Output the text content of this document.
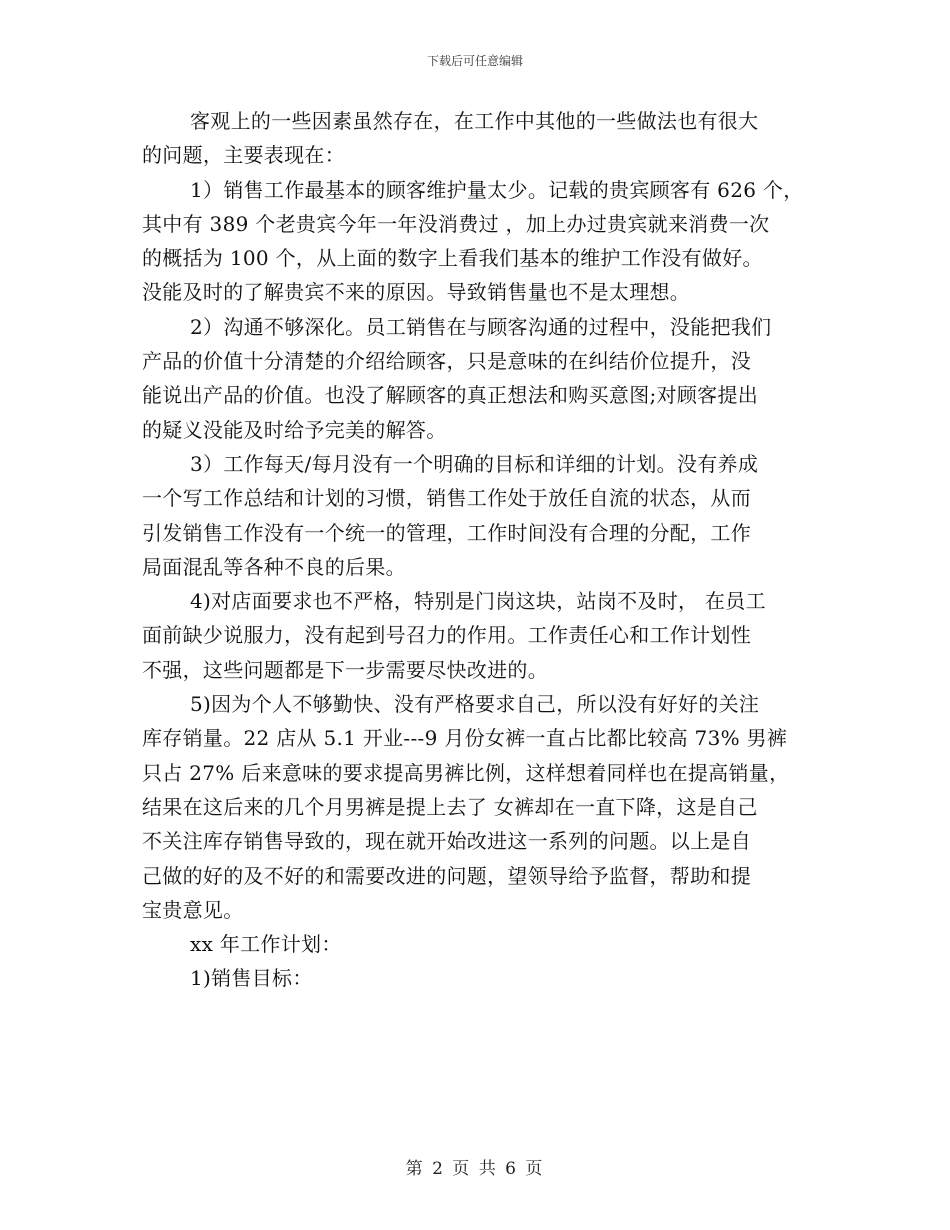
下载后可任意编辑
客观上的一些因素虽然存在，在工作中其他的一些做法也有很大
的问题，主要表现在：
1）销售工作最基本的顾客维护量太少。记载的贵宾顾客有 626 个，
其中有 389 个老贵宾今年一年没消费过 ，加上办过贵宾就来消费一次
的概括为 100 个，从上面的数字上看我们基本的维护工作没有做好。
没能及时的了解贵宾不来的原因。导致销售量也不是太理想。
2）沟通不够深化。员工销售在与顾客沟通的过程中，没能把我们
产品的价值十分清楚的介绍给顾客，只是意味的在纠结价位提升，没
能说出产品的价值。也没了解顾客的真正想法和购买意图;对顾客提出
的疑义没能及时给予完美的解答。
3）工作每天/每月没有一个明确的目标和详细的计划。没有养成
一个写工作总结和计划的习惯，销售工作处于放任自流的状态，从而
引发销售工作没有一个统一的管理，工作时间没有合理的分配，工作
局面混乱等各种不良的后果。
4)对店面要求也不严格，特别是门岗这块，站岗不及时， 在员工
面前缺少说服力，没有起到号召力的作用。工作责任心和工作计划性
不强，这些问题都是下一步需要尽快改进的。
5)因为个人不够勤快、没有严格要求自己，所以没有好好的关注
库存销量。22 店从 5.1 开业---9 月份女裤一直占比都比较高 73% 男裤
只占 27% 后来意味的要求提高男裤比例，这样想着同样也在提高销量，
结果在这后来的几个月男裤是提上去了 女裤却在一直下降，这是自己
不关注库存销售导致的，现在就开始改进这一系列的问题。以上是自
己做的好的及不好的和需要改进的问题，望领导给予监督，帮助和提
宝贵意见。
xx 年工作计划：
1)销售目标：
第 2 页 共 6 页
